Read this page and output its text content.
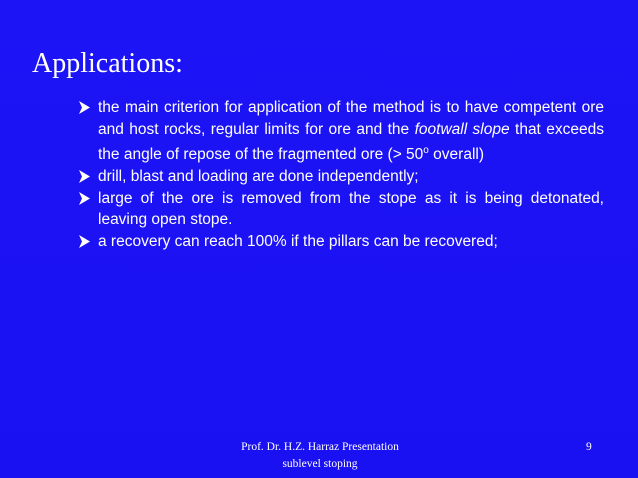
Applications:
the main criterion for application of the method is to have competent ore and host rocks, regular limits for ore and the footwall slope that exceeds the angle of repose of the fragmented ore (> $50^o$ overall)
drill, blast and loading are done independently;
large of the ore is removed from the stope as it is being detonated, leaving open stope.
a recovery can reach 100% if the pillars can be recovered;
Prof. Dr. H.Z. Harraz Presentation
sublevel stoping
9
